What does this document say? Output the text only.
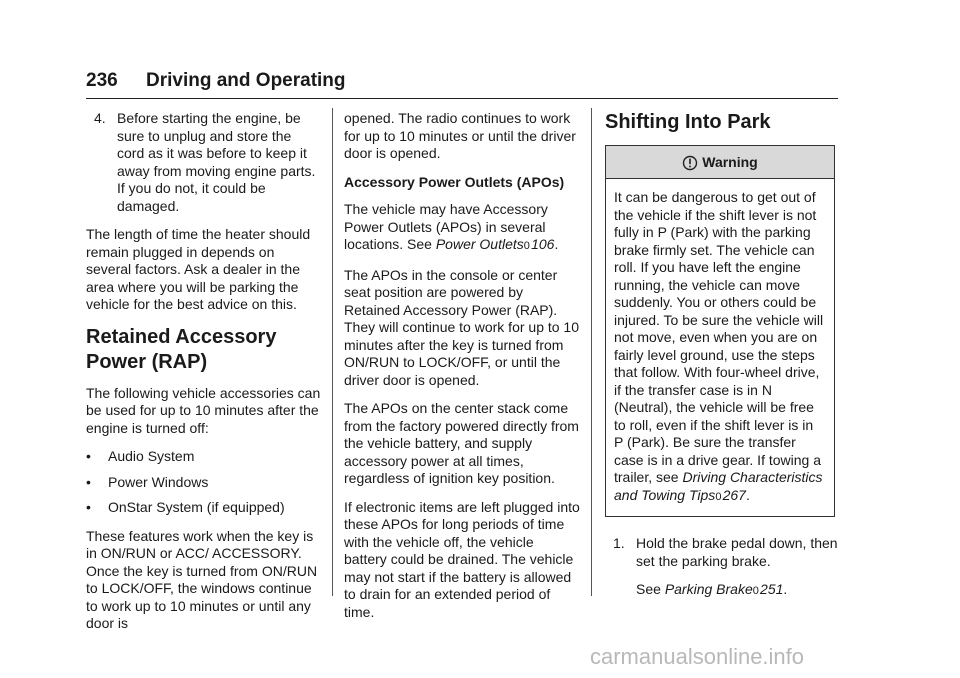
236 Driving and Operating
4. Before starting the engine, be sure to unplug and store the cord as it was before to keep it away from moving engine parts. If you do not, it could be damaged.

The length of time the heater should remain plugged in depends on several factors. Ask a dealer in the area where you will be parking the vehicle for the best advice on this.

Retained Accessory Power (RAP)

The following vehicle accessories can be used for up to 10 minutes after the engine is turned off:

• Audio System
• Power Windows
• OnStar System (if equipped)

These features work when the key is in ON/RUN or ACC/ ACCESSORY. Once the key is turned from ON/RUN to LOCK/OFF, the windows continue to work up to 10 minutes or until any door is

opened. The radio continues to work for up to 10 minutes or until the driver door is opened.

Accessory Power Outlets (APOs)

The vehicle may have Accessory Power Outlets (APOs) in several locations. See Power Outlets0 106.

The APOs in the console or center seat position are powered by Retained Accessory Power (RAP). They will continue to work for up to 10 minutes after the key is turned from ON/RUN to LOCK/OFF, or until the driver door is opened.

The APOs on the center stack come from the factory powered directly from the vehicle battery, and supply accessory power at all times, regardless of ignition key position.

If electronic items are left plugged into these APOs for long periods of time with the vehicle off, the vehicle battery could be drained. The vehicle may not start if the battery is allowed to drain for an extended period of time.

Shifting Into Park
Warning
It can be dangerous to get out of the vehicle if the shift lever is not fully in P (Park) with the parking brake firmly set. The vehicle can roll. If you have left the engine running, the vehicle can move suddenly. You or others could be injured. To be sure the vehicle will not move, even when you are on fairly level ground, use the steps that follow. With four-wheel drive, if the transfer case is in N (Neutral), the vehicle will be free to roll, even if the shift lever is in P (Park). Be sure the transfer case is in a drive gear. If towing a trailer, see Driving Characteristics and Towing Tips0 267.
1. Hold the brake pedal down, then set the parking brake.
See Parking Brake0 251.
carmanualsonline.info
